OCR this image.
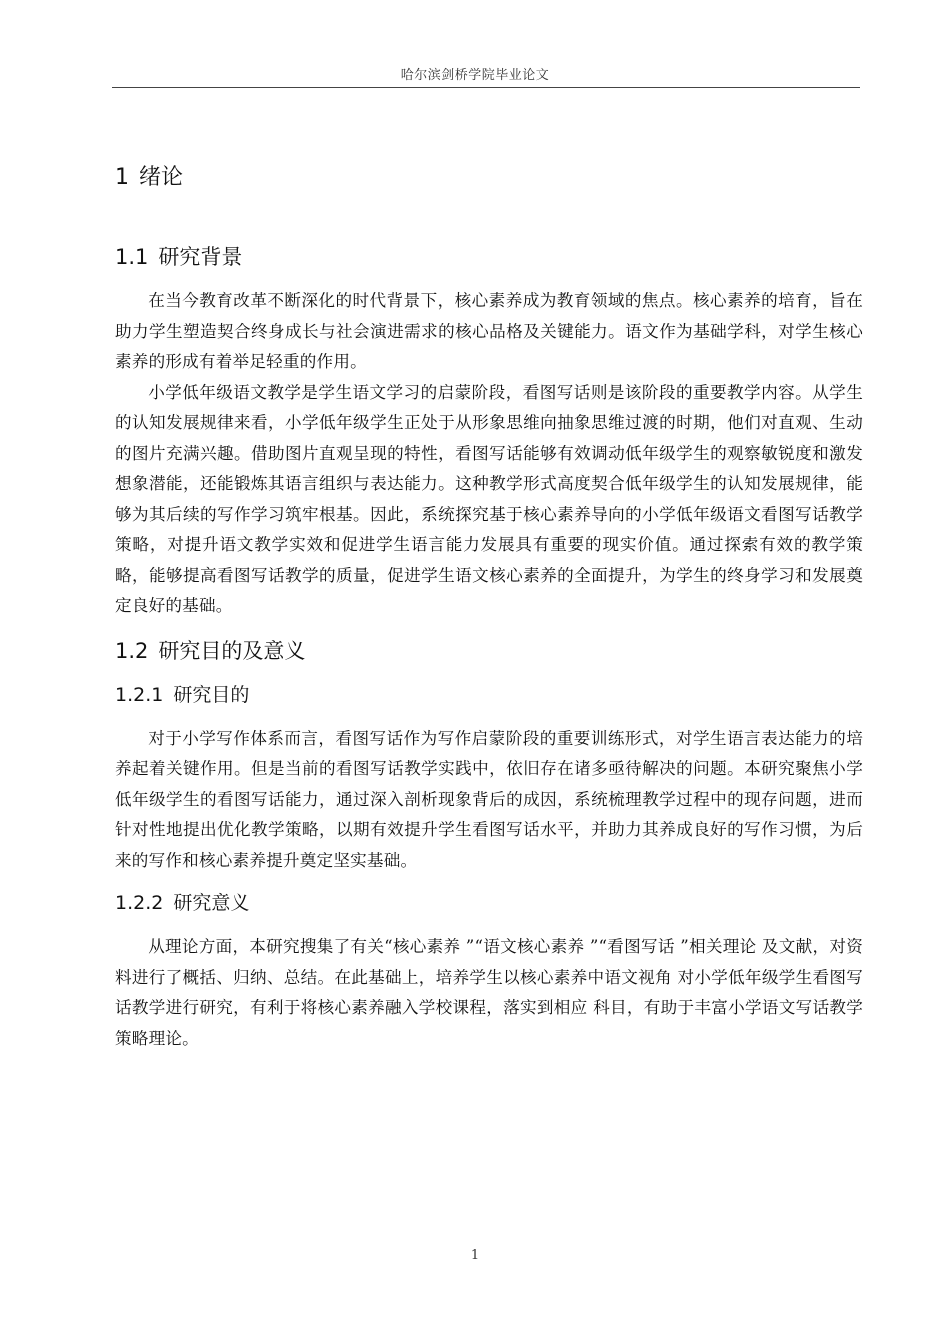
哈尔滨剑桥学院毕业论文
1 绪论
1.1 研究背景

在当今教育改革不断深化的时代背景下，核心素养成为教育领域的焦点。核心素养的培育，旨在助力学生塑造契合终身成长与社会演进需求的核心品格及关键能力。语文作为基础学科，对学生核心素养的形成有着举足轻重的作用。

小学低年级语文教学是学生语文学习的启蒙阶段，看图写话则是该阶段的重要教学内容。从学生的认知发展规律来看，小学低年级学生正处于从形象思维向抽象思维过渡的时期，他们对直观、生动的图片充满兴趣。借助图片直观呈现的特性，看图写话能够有效调动低年级学生的观察敏锐度和激发想象潜能，还能锻炼其语言组织与表达能力。这种教学形式高度契合低年级学生的认知发展规律，能够为其后续的写作学习筑牢根基。因此，系统探究基于核心素养导向的小学低年级语文看图写话教学策略，对提升语文教学实效和促进学生语言能力发展具有重要的现实价值。通过探索有效的教学策略，能够提高看图写话教学的质量，促进学生语文核心素养的全面提升，为学生的终身学习和发展奠定良好的基础。

1.2 研究目的及意义
1.2.1 研究目的

对于小学写作体系而言，看图写话作为写作启蒙阶段的重要训练形式，对学生语言表达能力的培养起着关键作用。但是当前的看图写话教学实践中，依旧存在诸多亟待解决的问题。本研究聚焦小学低年级学生的看图写话能力，通过深入剖析现象背后的成因，系统梳理教学过程中的现存问题，进而针对性地提出优化教学策略，以期有效提升学生看图写话水平，并助力其养成良好的写作习惯，为后来的写作和核心素养提升奠定坚实基础。

1.2.2 研究意义

从理论方面，本研究搜集了有关“核心素养 ”“语文核心素养 ”“看图写话 ”相关理论 及文献，对资料进行了概括、归纳、总结。在此基础上，培养学生以核心素养中语文视角 对小学低年级学生看图写话教学进行研究，有利于将核心素养融入学校课程，落实到相应 科目，有助于丰富小学语文写话教学策略理论。

1
